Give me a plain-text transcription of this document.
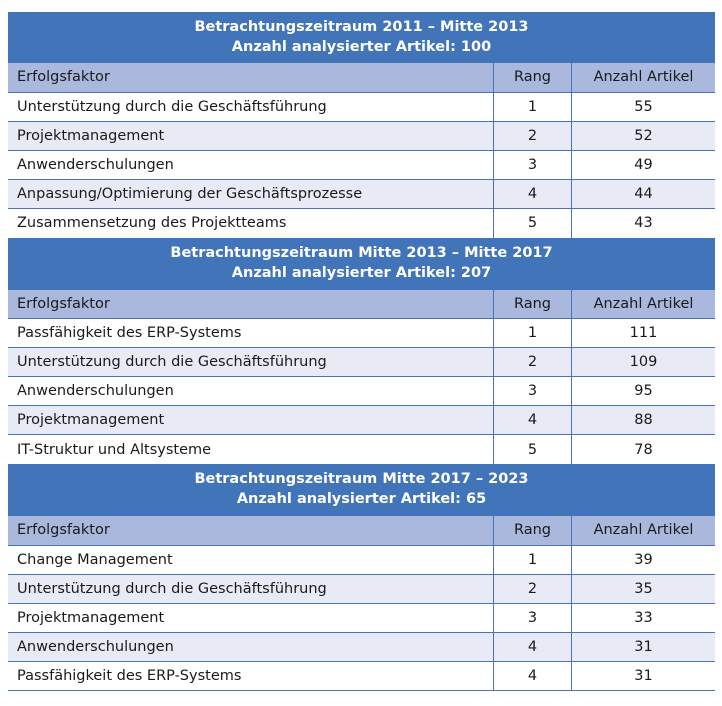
Betrachtungszeitraum 2011 – Mitte 2013
Anzahl analysierter Artikel: 100
Erfolgsfaktor	Rang	Anzahl Artikel
Unterstützung durch die Geschäftsführung	1	55
Projektmanagement	2	52
Anwenderschulungen	3	49
Anpassung/Optimierung der Geschäftsprozesse	4	44
Zusammensetzung des Projektteams	5	43
Betrachtungszeitraum Mitte 2013 – Mitte 2017
Anzahl analysierter Artikel: 207
Erfolgsfaktor	Rang	Anzahl Artikel
Passfähigkeit des ERP-Systems	1	111
Unterstützung durch die Geschäftsführung	2	109
Anwenderschulungen	3	95
Projektmanagement	4	88
IT-Struktur und Altsysteme	5	78
Betrachtungszeitraum Mitte 2017 – 2023
Anzahl analysierter Artikel: 65
Erfolgsfaktor	Rang	Anzahl Artikel
Change Management	1	39
Unterstützung durch die Geschäftsführung	2	35
Projektmanagement	3	33
Anwenderschulungen	4	31
Passfähigkeit des ERP-Systems	4	31
